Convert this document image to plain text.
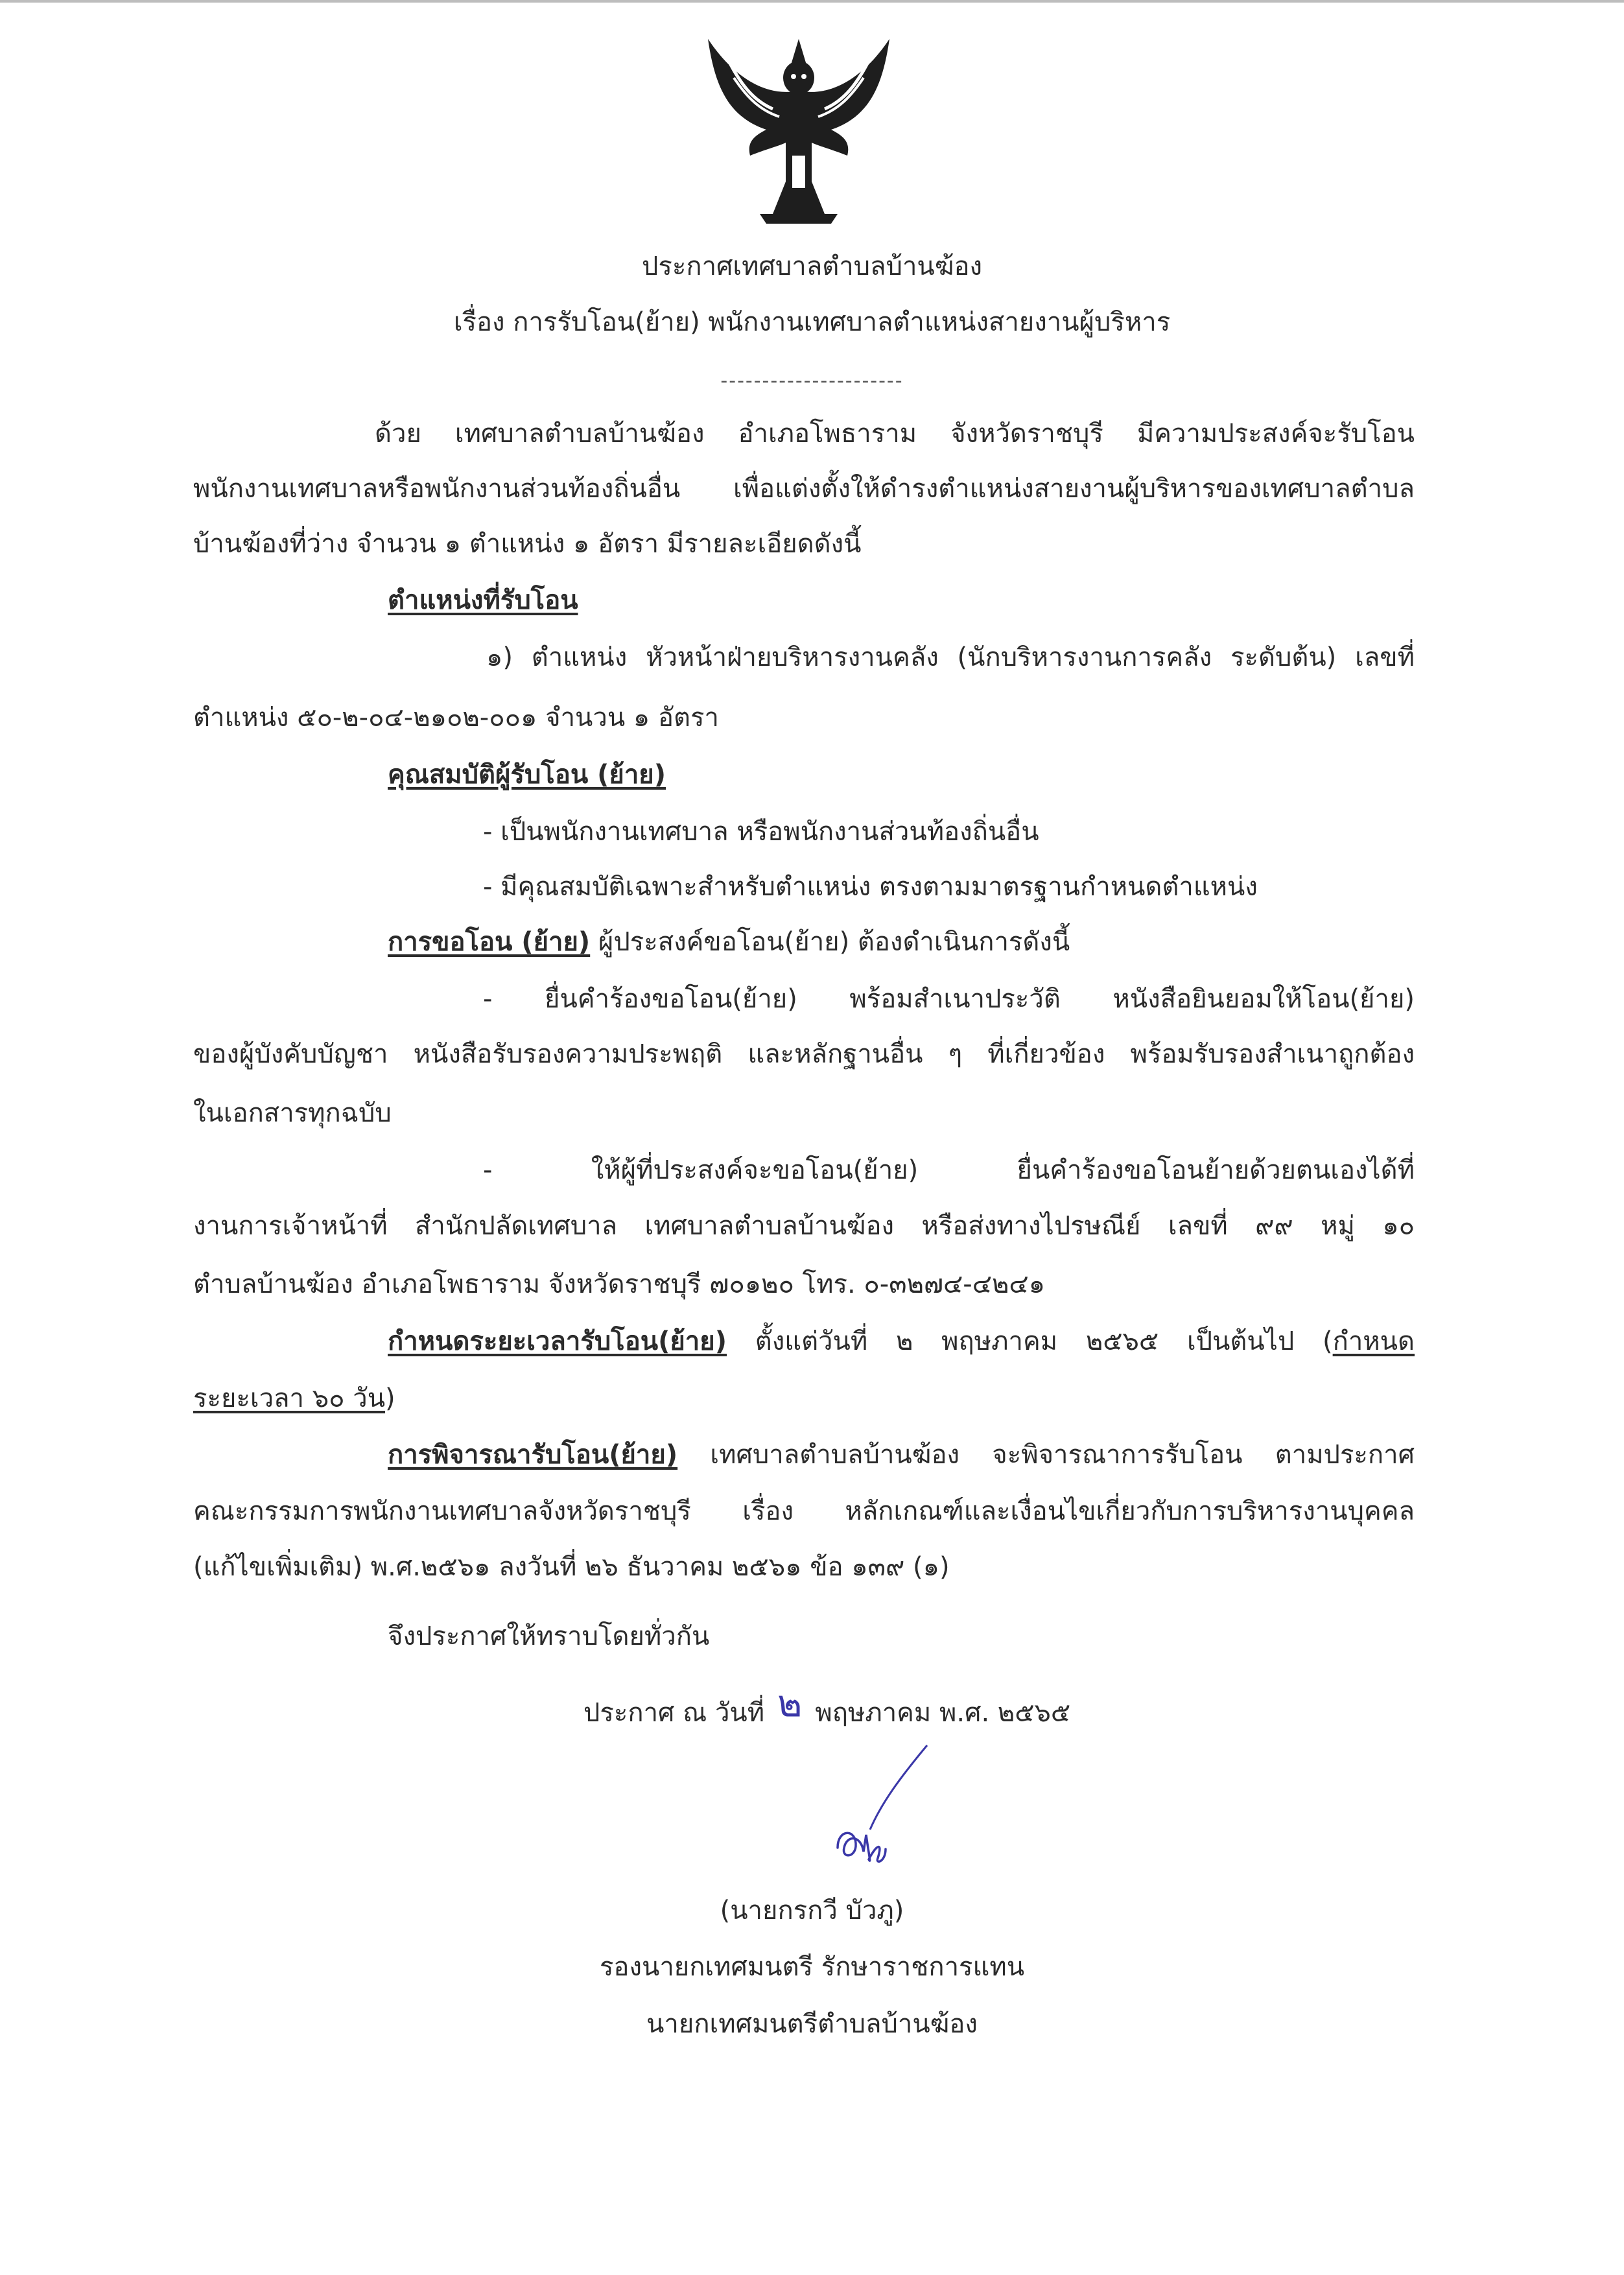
ประกาศเทศบาลตำบลบ้านฆ้อง
เรื่อง การรับโอน(ย้าย) พนักงานเทศบาลตำแหน่งสายงานผู้บริหาร
----------------------
ด้วย เทศบาลตำบลบ้านฆ้อง อำเภอโพธาราม จังหวัดราชบุรี มีความประสงค์จะรับโอน
พนักงานเทศบาลหรือพนักงานส่วนท้องถิ่นอื่น เพื่อแต่งตั้งให้ดำรงตำแหน่งสายงานผู้บริหารของเทศบาลตำบล
บ้านฆ้องที่ว่าง จำนวน ๑ ตำแหน่ง ๑ อัตรา มีรายละเอียดดังนี้
ตำแหน่งที่รับโอน
๑) ตำแหน่ง หัวหน้าฝ่ายบริหารงานคลัง (นักบริหารงานการคลัง ระดับต้น) เลขที่
ตำแหน่ง ๕๐-๒-๐๔-๒๑๐๒-๐๐๑ จำนวน ๑ อัตรา
คุณสมบัติผู้รับโอน (ย้าย)
- เป็นพนักงานเทศบาล หรือพนักงานส่วนท้องถิ่นอื่น
- มีคุณสมบัติเฉพาะสำหรับตำแหน่ง ตรงตามมาตรฐานกำหนดตำแหน่ง
การขอโอน (ย้าย) ผู้ประสงค์ขอโอน(ย้าย) ต้องดำเนินการดังนี้
- ยื่นคำร้องขอโอน(ย้าย) พร้อมสำเนาประวัติ หนังสือยินยอมให้โอน(ย้าย)
ของผู้บังคับบัญชา หนังสือรับรองความประพฤติ และหลักฐานอื่น ๆ ที่เกี่ยวข้อง พร้อมรับรองสำเนาถูกต้อง
ในเอกสารทุกฉบับ
- ให้ผู้ที่ประสงค์จะขอโอน(ย้าย) ยื่นคำร้องขอโอนย้ายด้วยตนเองได้ที่
งานการเจ้าหน้าที่ สำนักปลัดเทศบาล เทศบาลตำบลบ้านฆ้อง หรือส่งทางไปรษณีย์ เลขที่ ๙๙ หมู่ ๑๐
ตำบลบ้านฆ้อง อำเภอโพธาราม จังหวัดราชบุรี ๗๐๑๒๐ โทร. ๐-๓๒๗๔-๔๒๔๑
กำหนดระยะเวลารับโอน(ย้าย) ตั้งแต่วันที่ ๒ พฤษภาคม ๒๕๖๕ เป็นต้นไป (กำหนด
ระยะเวลา ๖๐ วัน)
การพิจารณารับโอน(ย้าย) เทศบาลตำบลบ้านฆ้อง จะพิจารณาการรับโอน ตามประกาศ
คณะกรรมการพนักงานเทศบาลจังหวัดราชบุรี เรื่อง หลักเกณฑ์และเงื่อนไขเกี่ยวกับการบริหารงานบุคคล
(แก้ไขเพิ่มเติม) พ.ศ.๒๕๖๑ ลงวันที่ ๒๖ ธันวาคม ๒๕๖๑ ข้อ ๑๓๙ (๑)
จึงประกาศให้ทราบโดยทั่วกัน
ประกาศ ณ วันที่ ๒ พฤษภาคม พ.ศ. ๒๕๖๕
(นายกรกวี บัวภู)
รองนายกเทศมนตรี รักษาราชการแทน
นายกเทศมนตรีตำบลบ้านฆ้อง
